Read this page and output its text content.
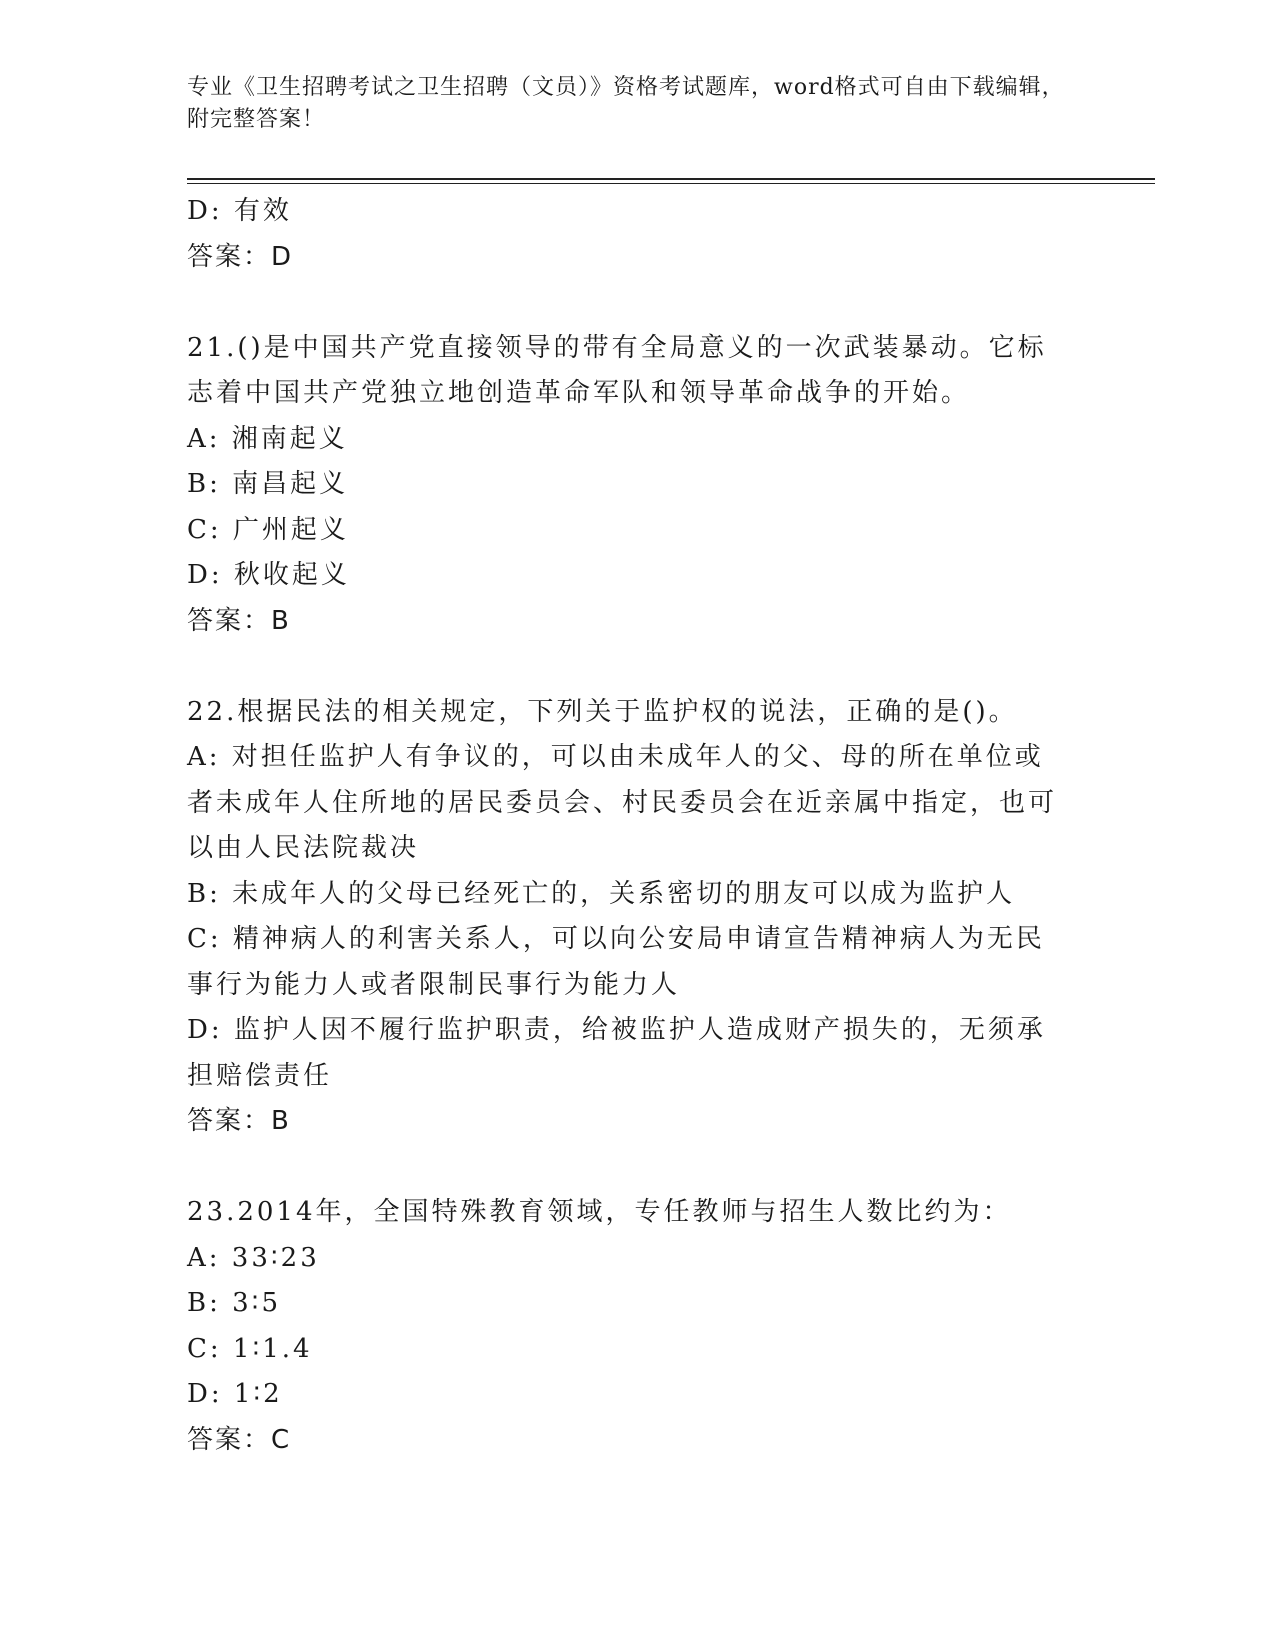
专业《卫生招聘考试之卫生招聘（文员）》资格考试题库，word格式可自由下载编辑，附完整答案！
D: 有效
答案：D
21.()是中国共产党直接领导的带有全局意义的一次武装暴动。它标志着中国共产党独立地创造革命军队和领导革命战争的开始。
A: 湘南起义
B: 南昌起义
C: 广州起义
D: 秋收起义
答案：B
22.根据民法的相关规定，下列关于监护权的说法，正确的是()。
A: 对担任监护人有争议的，可以由未成年人的父、母的所在单位或者未成年人住所地的居民委员会、村民委员会在近亲属中指定，也可以由人民法院裁决
B: 未成年人的父母已经死亡的，关系密切的朋友可以成为监护人
C: 精神病人的利害关系人，可以向公安局申请宣告精神病人为无民事行为能力人或者限制民事行为能力人
D: 监护人因不履行监护职责，给被监护人造成财产损失的，无须承担赔偿责任
答案：B
23.2014年，全国特殊教育领域，专任教师与招生人数比约为：
A: 33∶23
B: 3∶5
C: 1∶1.4
D: 1∶2
答案：C
